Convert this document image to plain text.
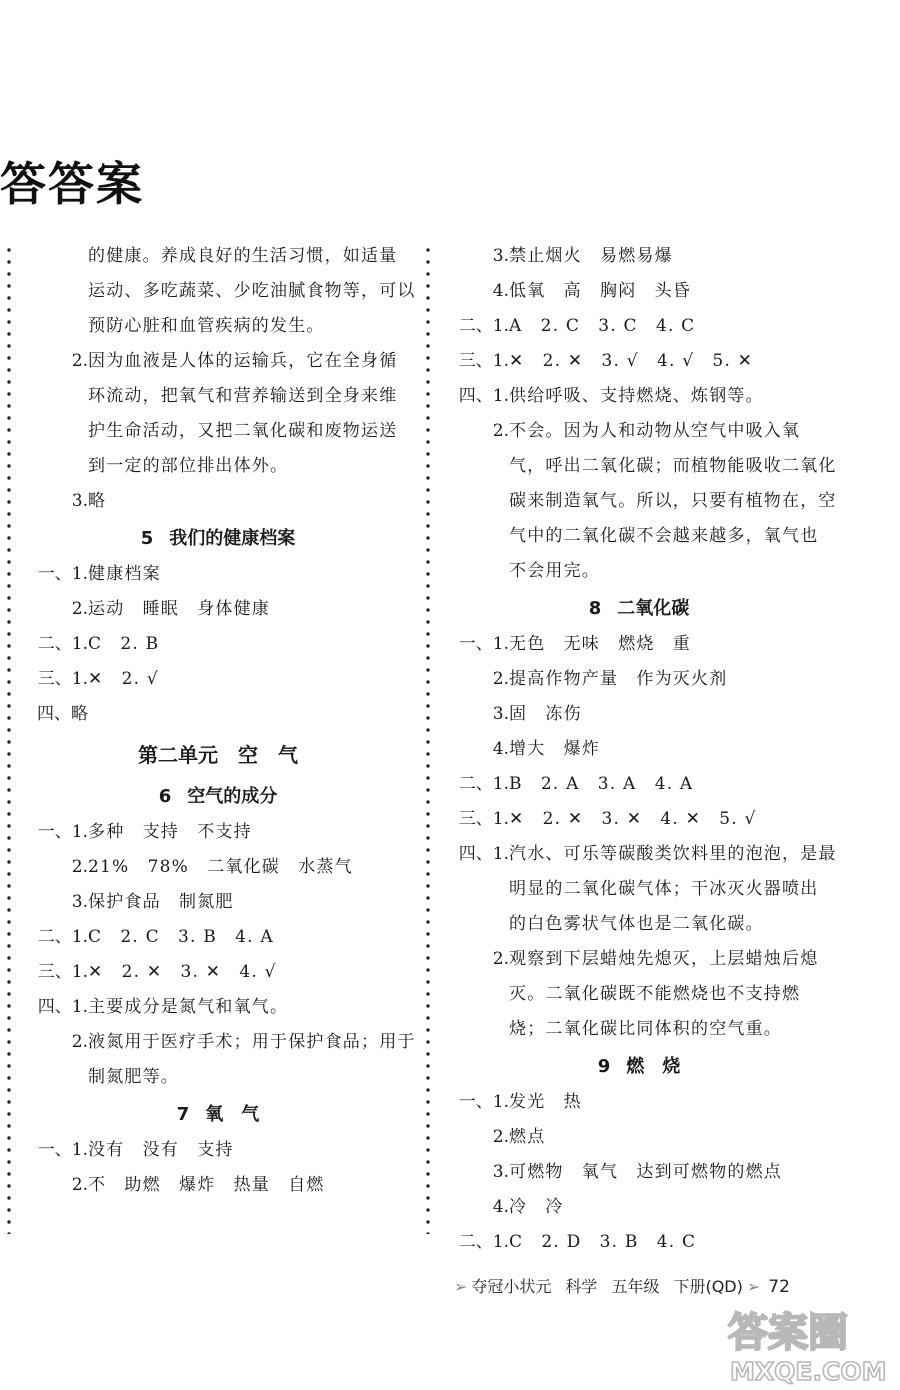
答答案
的健康。养成良好的生活习惯，如适量
运动、多吃蔬菜、少吃油腻食物等，可以
预防心脏和血管疾病的发生。
2.因为血液是人体的运输兵，它在全身循
环流动，把氧气和营养输送到全身来维
护生命活动，又把二氧化碳和废物运送
到一定的部位排出体外。
3.略
5 我们的健康档案
一、1.健康档案
2.运动　睡眠　身体健康
二、1.C　2. B
三、1.✕　2. √
四、略
第二单元　空　气
6 空气的成分
一、1.多种　支持　不支持
2.21%　78%　二氧化碳　水蒸气
3.保护食品　制氮肥
二、1.C　2. C　3. B　4. A
三、1.✕　2. ✕　3. ✕　4. √
四、1.主要成分是氮气和氧气。
2.液氮用于医疗手术；用于保护食品；用于
制氮肥等。
7 氧　气
一、1.没有　没有　支持
2.不　助燃　爆炸　热量　自燃
3.禁止烟火　易燃易爆
4.低氧　高　胸闷　头昏
二、1.A　2. C　3. C　4. C
三、1.✕　2. ✕　3. √　4. √　5. ✕
四、1.供给呼吸、支持燃烧、炼钢等。
2.不会。因为人和动物从空气中吸入氧
气，呼出二氧化碳；而植物能吸收二氧化
碳来制造氧气。所以，只要有植物在，空
气中的二氧化碳不会越来越多，氧气也
不会用完。
8 二氧化碳
一、1.无色　无味　燃烧　重
2.提高作物产量　作为灭火剂
3.固　冻伤
4.增大　爆炸
二、1.B　2. A　3. A　4. A
三、1.✕　2. ✕　3. ✕　4. ✕　5. √
四、1.汽水、可乐等碳酸类饮料里的泡泡，是最
明显的二氧化碳气体；干冰灭火器喷出
的白色雾状气体也是二氧化碳。
2.观察到下层蜡烛先熄灭，上层蜡烛后熄
灭。二氧化碳既不能燃烧也不支持燃
烧；二氧化碳比同体积的空气重。
9 燃　烧
一、1.发光　热
2.燃点
3.可燃物　氧气　达到可燃物的燃点
4.冷　冷
二、1.C　2. D　3. B　4. C
➢ 夺冠小状元 科学 五年级 下册(QD) ➢ 72
答案圈
MXQE.COM
